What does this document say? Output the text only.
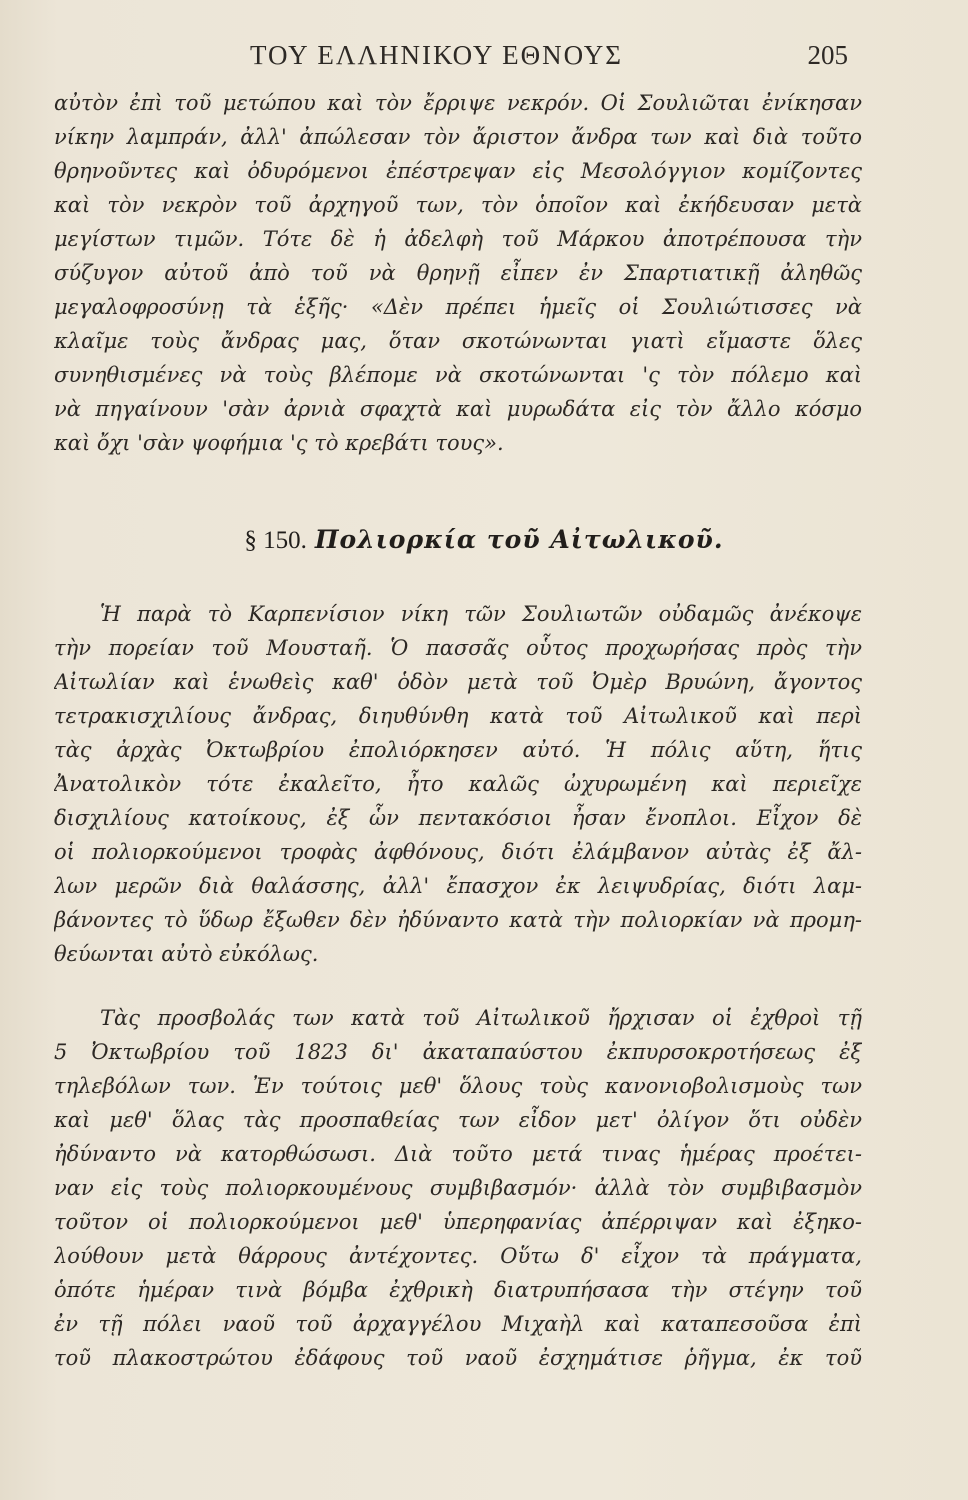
ΤΟΥ ΕΛΛΗΝΙΚΟΥ ΕΘΝΟΥΣ	205
αὐτὸν ἐπὶ τοῦ μετώπου καὶ τὸν ἔρριψε νεκρόν. Οἱ Σουλιῶται ἐνίκησαν
νίκην λαμπράν, ἀλλ' ἀπώλεσαν τὸν ἄριστον ἄνδρα των καὶ διὰ τοῦτο
θρηνοῦντες καὶ ὀδυρόμενοι ἐπέστρεψαν εἰς Μεσολόγγιον κομίζοντες
καὶ τὸν νεκρὸν τοῦ ἀρχηγοῦ των, τὸν ὁποῖον καὶ ἐκήδευσαν μετὰ
μεγίστων τιμῶν. Τότε δὲ ἡ ἀδελφὴ τοῦ Μάρκου ἀποτρέπουσα τὴν
σύζυγον αὐτοῦ ἀπὸ τοῦ νὰ θρηνῇ εἶπεν ἐν Σπαρτιατικῇ ἀληθῶς
μεγαλοφροσύνῃ τὰ ἑξῆς· «Δὲν πρέπει ἡμεῖς οἱ Σουλιώτισσες νὰ
κλαῖμε τοὺς ἄνδρας μας, ὅταν σκοτώνωνται γιατὶ εἴμαστε ὅλες
συνηθισμένες νὰ τοὺς βλέπομε νὰ σκοτώνωνται 'ς τὸν πόλεμο καὶ
νὰ πηγαίνουν 'σὰν ἀρνιὰ σφαχτὰ καὶ μυρωδάτα εἰς τὸν ἄλλο κόσμο
καὶ ὄχι 'σὰν ψοφήμια 'ς τὸ κρεβάτι τους».
§ 150. Πολιορκία τοῦ Αἰτωλικοῦ.
Ἡ παρὰ τὸ Καρπενίσιον νίκη τῶν Σουλιωτῶν οὐδαμῶς ἀνέκοψε
τὴν πορείαν τοῦ Μουσταῆ. Ὁ πασσᾶς οὗτος προχωρήσας πρὸς τὴν
Αἰτωλίαν καὶ ἑνωθεὶς καθ' ὁδὸν μετὰ τοῦ Ὀμὲρ Βρυώνη, ἄγοντος
τετρακισχιλίους ἄνδρας, διηυθύνθη κατὰ τοῦ Αἰτωλικοῦ καὶ περὶ
τὰς ἀρχὰς Ὀκτωβρίου ἐπολιόρκησεν αὐτό. Ἡ πόλις αὕτη, ἥτις
Ἀνατολικὸν τότε ἐκαλεῖτο, ἦτο καλῶς ὠχυρωμένη καὶ περιεῖχε
δισχιλίους κατοίκους, ἐξ ὧν πεντακόσιοι ἦσαν ἔνοπλοι. Εἶχον δὲ
οἱ πολιορκούμενοι τροφὰς ἀφθόνους, διότι ἐλάμβανον αὐτὰς ἐξ ἄλ-
λων μερῶν διὰ θαλάσσης, ἀλλ' ἔπασχον ἐκ λειψυδρίας, διότι λαμ-
βάνοντες τὸ ὕδωρ ἔξωθεν δὲν ἠδύναντο κατὰ τὴν πολιορκίαν νὰ προμη-
θεύωνται αὐτὸ εὐκόλως.
Τὰς προσβολάς των κατὰ τοῦ Αἰτωλικοῦ ἤρχισαν οἱ ἐχθροὶ τῇ
5 Ὀκτωβρίου τοῦ 1823 δι' ἀκαταπαύστου ἐκπυρσοκροτήσεως ἐξ
τηλεβόλων των. Ἐν τούτοις μεθ' ὅλους τοὺς κανονιοβολισμοὺς των
καὶ μεθ' ὅλας τὰς προσπαθείας των εἶδον μετ' ὀλίγον ὅτι οὐδὲν
ἠδύναντο νὰ κατορθώσωσι. Διὰ τοῦτο μετά τινας ἡμέρας προέτει-
ναν εἰς τοὺς πολιορκουμένους συμβιβασμόν· ἀλλὰ τὸν συμβιβασμὸν
τοῦτον οἱ πολιορκούμενοι μεθ' ὑπερηφανίας ἀπέρριψαν καὶ ἐξηκο-
λούθουν μετὰ θάρρους ἀντέχοντες. Οὕτω δ' εἶχον τὰ πράγματα,
ὁπότε ἡμέραν τινὰ βόμβα ἐχθρικὴ διατρυπήσασα τὴν στέγην τοῦ
ἐν τῇ πόλει ναοῦ τοῦ ἀρχαγγέλου Μιχαὴλ καὶ καταπεσοῦσα ἐπὶ
τοῦ πλακοστρώτου ἐδάφους τοῦ ναοῦ ἐσχημάτισε ῥῆγμα, ἐκ τοῦ
